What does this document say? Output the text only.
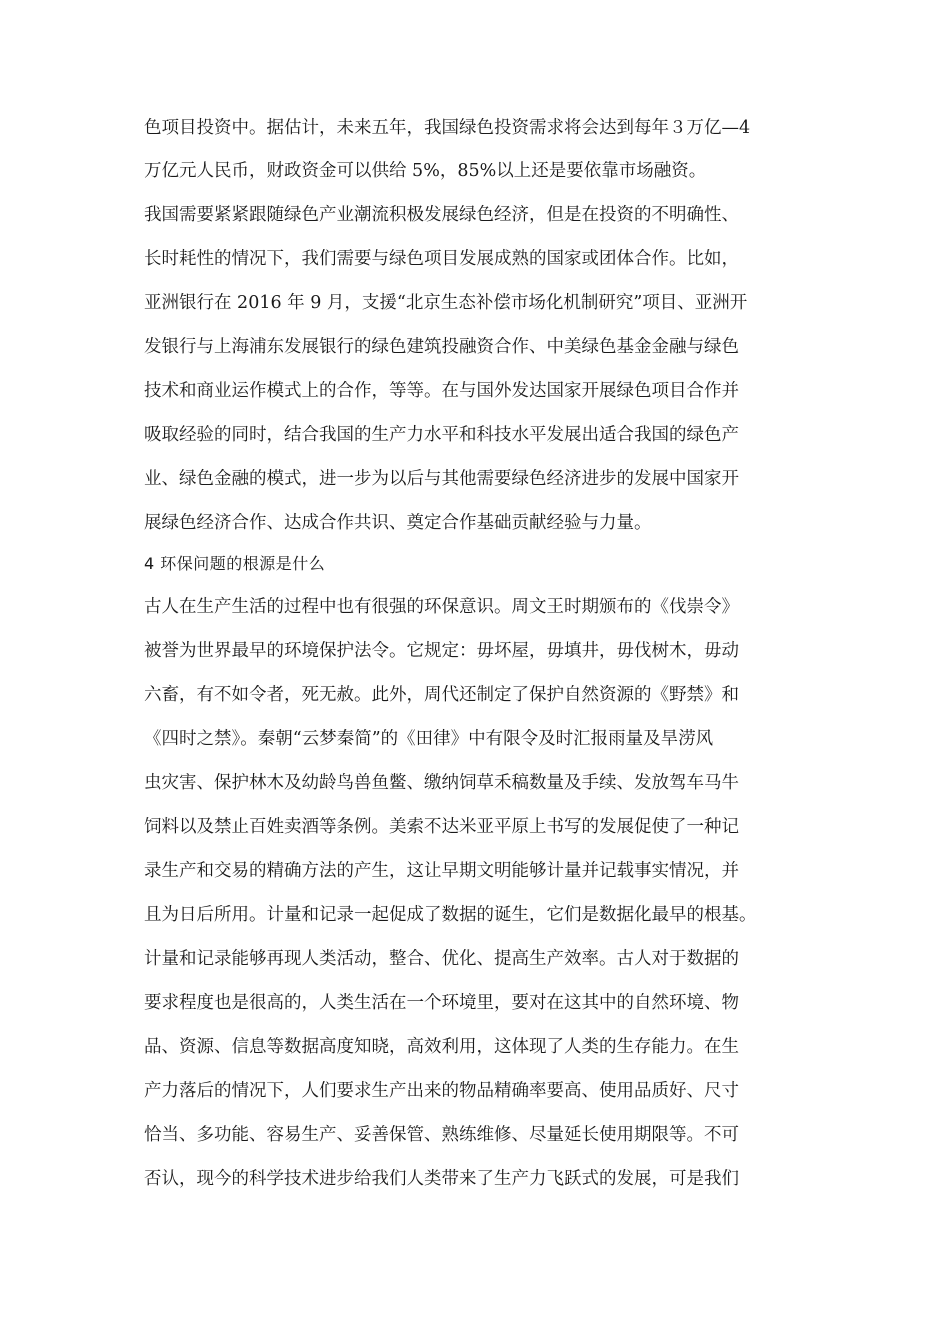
色项目投资中。据估计，未来五年，我国绿色投资需求将会达到每年３万亿—4
万亿元人民币，财政资金可以供给 5%，85%以上还是要依靠市场融资。
我国需要紧紧跟随绿色产业潮流积极发展绿色经济，但是在投资的不明确性、
长时耗性的情况下，我们需要与绿色项目发展成熟的国家或团体合作。比如，
亚洲银行在 2016 年 9 月，支援“北京生态补偿市场化机制研究”项目、亚洲开
发银行与上海浦东发展银行的绿色建筑投融资合作、中美绿色基金金融与绿色
技术和商业运作模式上的合作，等等。在与国外发达国家开展绿色项目合作并
吸取经验的同时，结合我国的生产力水平和科技水平发展出适合我国的绿色产
业、绿色金融的模式，进一步为以后与其他需要绿色经济进步的发展中国家开
展绿色经济合作、达成合作共识、奠定合作基础贡献经验与力量。
4 环保问题的根源是什么
古人在生产生活的过程中也有很强的环保意识。周文王时期颁布的《伐崇令》
被誉为世界最早的环境保护法令。它规定：毋坏屋，毋填井，毋伐树木，毋动
六畜，有不如令者，死无赦。此外，周代还制定了保护自然资源的《野禁》和
《四时之禁》。秦朝“云梦秦简”的《田律》中有限令及时汇报雨量及旱涝风
虫灾害、保护林木及幼龄鸟兽鱼鳖、缴纳饲草禾稿数量及手续、发放驾车马牛
饲料以及禁止百姓卖酒等条例。美索不达米亚平原上书写的发展促使了一种记
录生产和交易的精确方法的产生，这让早期文明能够计量并记载事实情况，并
且为日后所用。计量和记录一起促成了数据的诞生，它们是数据化最早的根基。
计量和记录能够再现人类活动，整合、优化、提高生产效率。古人对于数据的
要求程度也是很高的，人类生活在一个环境里，要对在这其中的自然环境、物
品、资源、信息等数据高度知晓，高效利用，这体现了人类的生存能力。在生
产力落后的情况下，人们要求生产出来的物品精确率要高、使用品质好、尺寸
恰当、多功能、容易生产、妥善保管、熟练维修、尽量延长使用期限等。不可
否认，现今的科学技术进步给我们人类带来了生产力飞跃式的发展，可是我们
